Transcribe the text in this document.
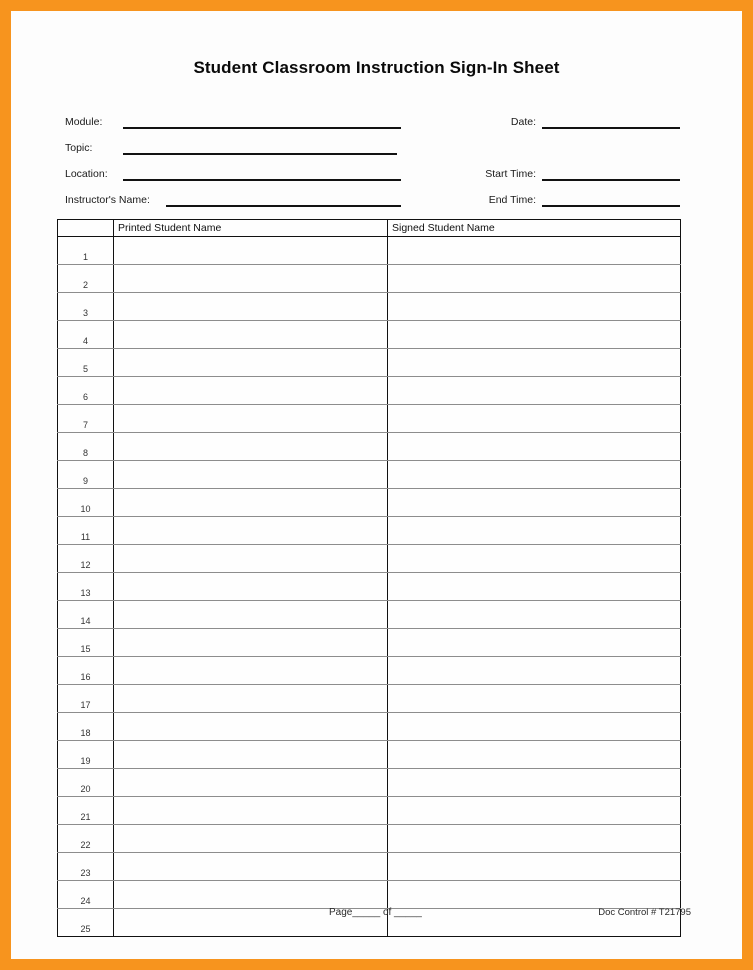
Student Classroom Instruction Sign-In Sheet
Module:
Topic:
Location:
Instructor's Name:
Date:
Start Time:
End Time:
	Printed Student Name	Signed Student Name
1		
2		
3		
4		
5		
6		
7		
8		
9		
10		
11		
12		
13		
14		
15		
16		
17		
18		
19		
20		
21		
22		
23		
24		
25		
Page_____ of _____	Doc Control # T21795
